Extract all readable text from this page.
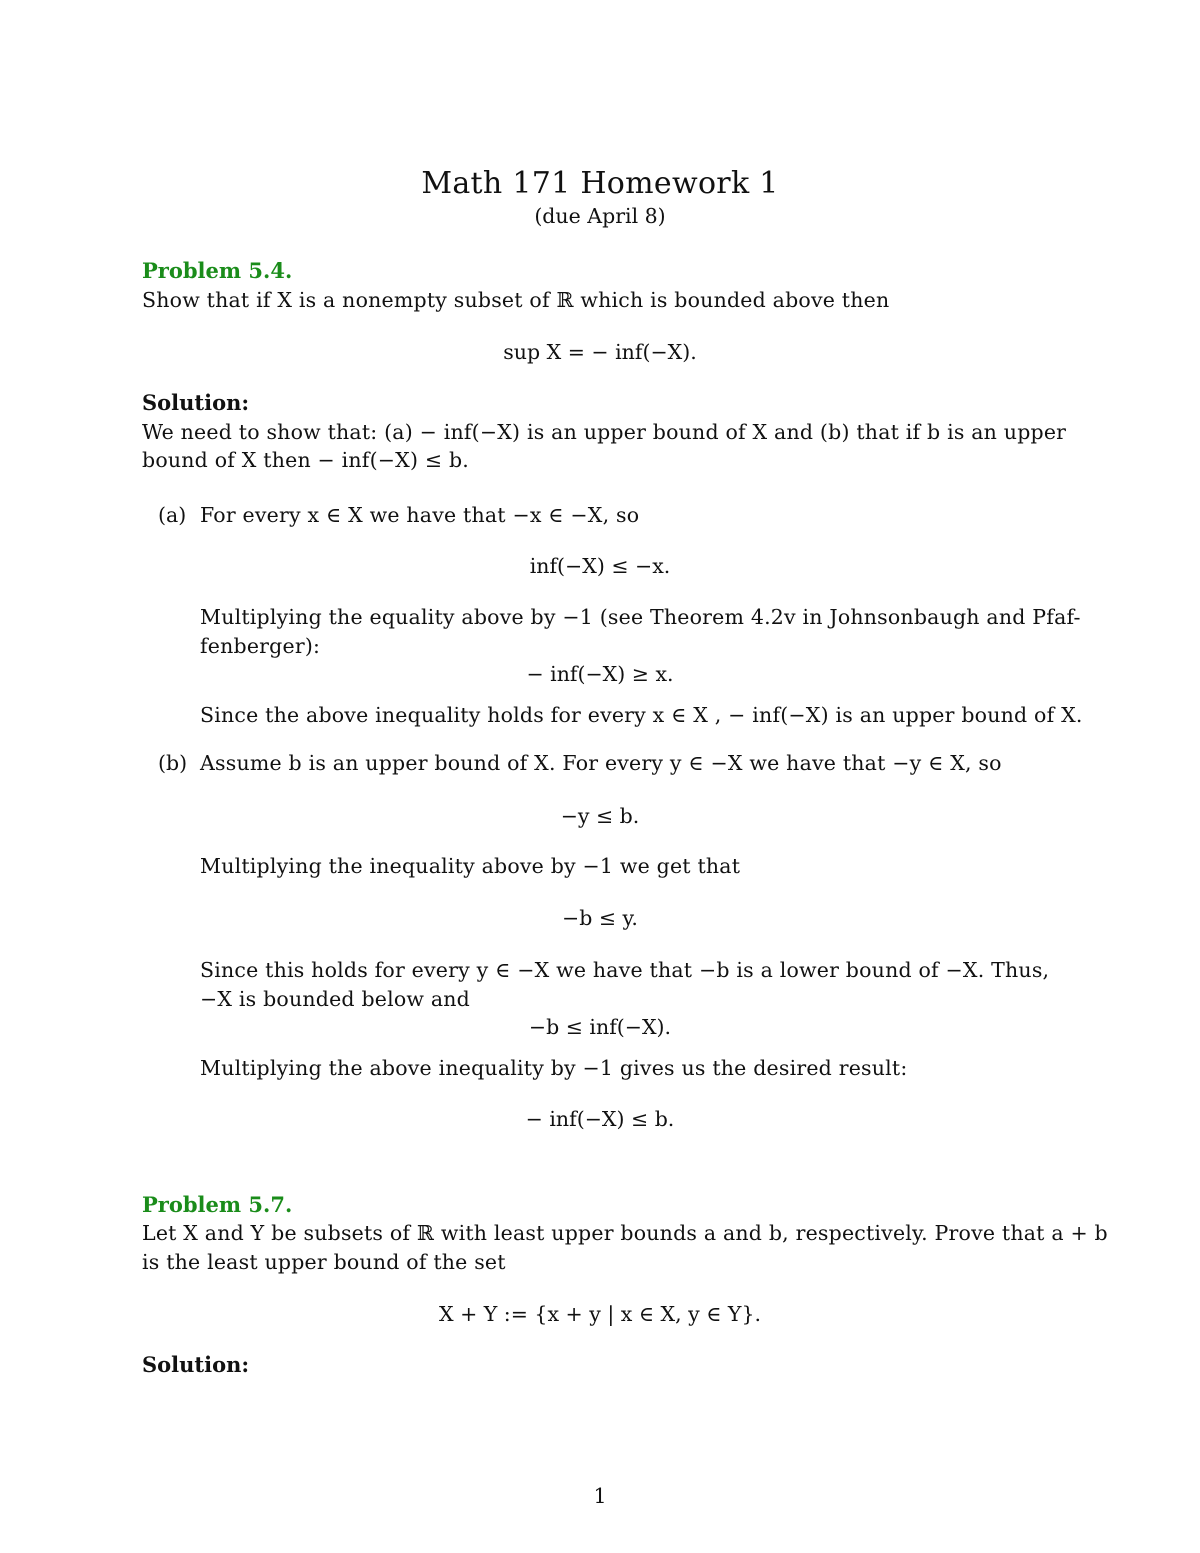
Math 171 Homework 1
(due April 8)
Problem 5.4.
Show that if X is a nonempty subset of ℝ which is bounded above then
sup X = − inf(−X).
Solution:
We need to show that: (a) − inf(−X) is an upper bound of X and (b) that if b is an upper
bound of X then − inf(−X) ≤ b.
(a) For every x ∈ X we have that −x ∈ −X, so
inf(−X) ≤ −x.
Multiplying the equality above by −1 (see Theorem 4.2v in Johnsonbaugh and Pfaf-
fenberger):
− inf(−X) ≥ x.
Since the above inequality holds for every x ∈ X , − inf(−X) is an upper bound of X.
(b) Assume b is an upper bound of X. For every y ∈ −X we have that −y ∈ X, so
−y ≤ b.
Multiplying the inequality above by −1 we get that
−b ≤ y.
Since this holds for every y ∈ −X we have that −b is a lower bound of −X. Thus,
−X is bounded below and
−b ≤ inf(−X).
Multiplying the above inequality by −1 gives us the desired result:
− inf(−X) ≤ b.
Problem 5.7.
Let X and Y be subsets of ℝ with least upper bounds a and b, respectively. Prove that a + b
is the least upper bound of the set
X + Y := {x + y | x ∈ X, y ∈ Y}.
Solution:
1
